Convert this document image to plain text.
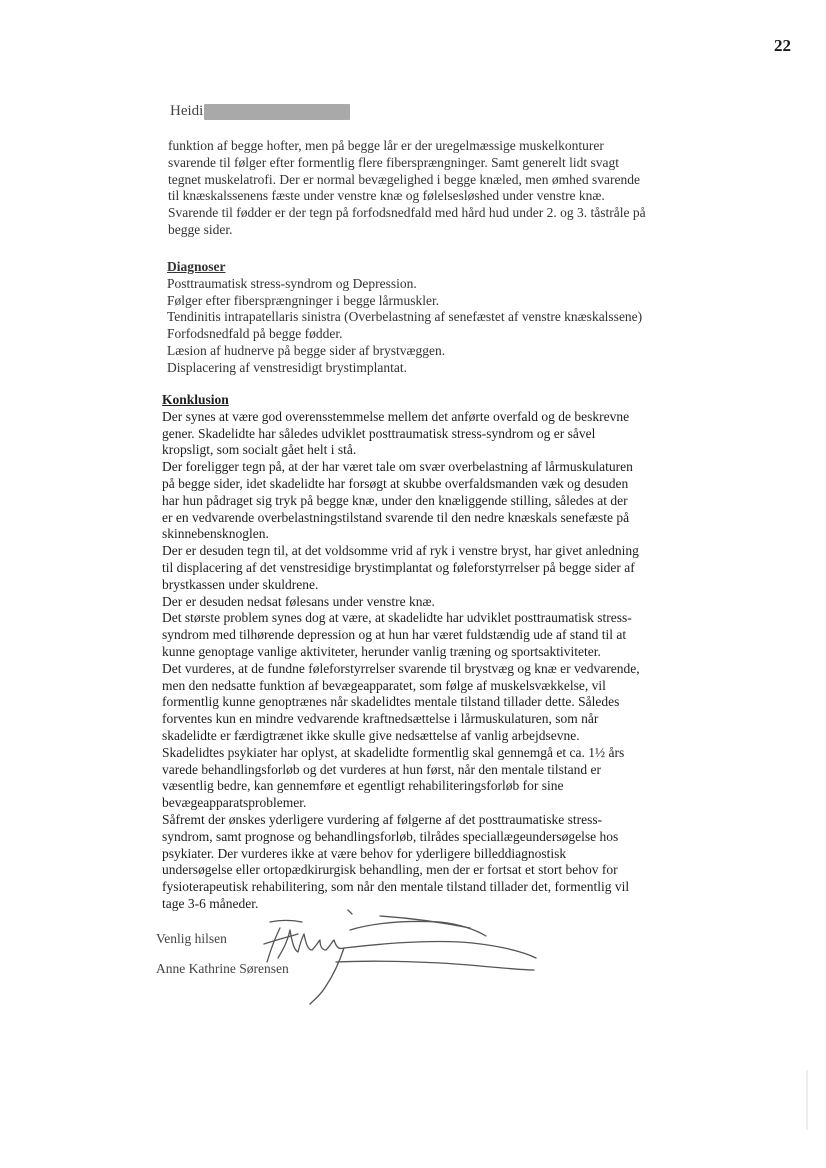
22
Heidi
funktion af begge hofter, men på begge lår er der uregelmæssige muskelkonturer
svarende til følger efter formentlig flere fibersprængninger. Samt generelt lidt svagt
tegnet muskelatrofi. Der er normal bevægelighed i begge knæled, men ømhed svarende
til knæskalssenens fæste under venstre knæ og følelsesløshed under venstre knæ.
Svarende til fødder er der tegn på forfodsnedfald med hård hud under 2. og 3. tåstråle på
begge sider.
Diagnoser
Posttraumatisk stress-syndrom og Depression.
Følger efter fibersprængninger i begge lårmuskler.
Tendinitis intrapatellaris sinistra (Overbelastning af senefæstet af venstre knæskalssene)
Forfodsnedfald på begge fødder.
Læsion af hudnerve på begge sider af brystvæggen.
Displacering af venstresidigt brystimplantat.
Konklusion
Der synes at være god overensstemmelse mellem det anførte overfald og de beskrevne
gener. Skadelidte har således udviklet posttraumatisk stress-syndrom og er såvel
kropsligt, som socialt gået helt i stå.
Der foreligger tegn på, at der har været tale om svær overbelastning af lårmuskulaturen
på begge sider, idet skadelidte har forsøgt at skubbe overfaldsmanden væk og desuden
har hun pådraget sig tryk på begge knæ, under den knæliggende stilling, således at der
er en vedvarende overbelastningstilstand svarende til den nedre knæskals senefæste på
skinnebensknoglen.
Der er desuden tegn til, at det voldsomme vrid af ryk i venstre bryst, har givet anledning
til displacering af det venstresidige brystimplantat og føleforstyrrelser på begge sider af
brystkassen under skuldrene.
Der er desuden nedsat følesans under venstre knæ.
Det største problem synes dog at være, at skadelidte har udviklet posttraumatisk stress-
syndrom med tilhørende depression og at hun har været fuldstændig ude af stand til at
kunne genoptage vanlige aktiviteter, herunder vanlig træning og sportsaktiviteter.
Det vurderes, at de fundne føleforstyrrelser svarende til brystvæg og knæ er vedvarende,
men den nedsatte funktion af bevægeapparatet, som følge af muskelsvækkelse, vil
formentlig kunne genoptrænes når skadelidtes mentale tilstand tillader dette. Således
forventes kun en mindre vedvarende kraftnedsættelse i lårmuskulaturen, som når
skadelidte er færdigtrænet ikke skulle give nedsættelse af vanlig arbejdsevne.
Skadelidtes psykiater har oplyst, at skadelidte formentlig skal gennemgå et ca. 1½ års
varede behandlingsforløb og det vurderes at hun først, når den mentale tilstand er
væsentlig bedre, kan gennemføre et egentligt rehabiliteringsforløb for sine
bevægeapparatsproblemer.
Såfremt der ønskes yderligere vurdering af følgerne af det posttraumatiske stress-
syndrom, samt prognose og behandlingsforløb, tilrådes speciallægeundersøgelse hos
psykiater. Der vurderes ikke at være behov for yderligere billeddiagnostisk
undersøgelse eller ortopædkirurgisk behandling, men der er fortsat et stort behov for
fysioterapeutisk rehabilitering, som når den mentale tilstand tillader det, formentlig vil
tage 3-6 måneder.
Venlig hilsen
Anne Kathrine Sørensen
